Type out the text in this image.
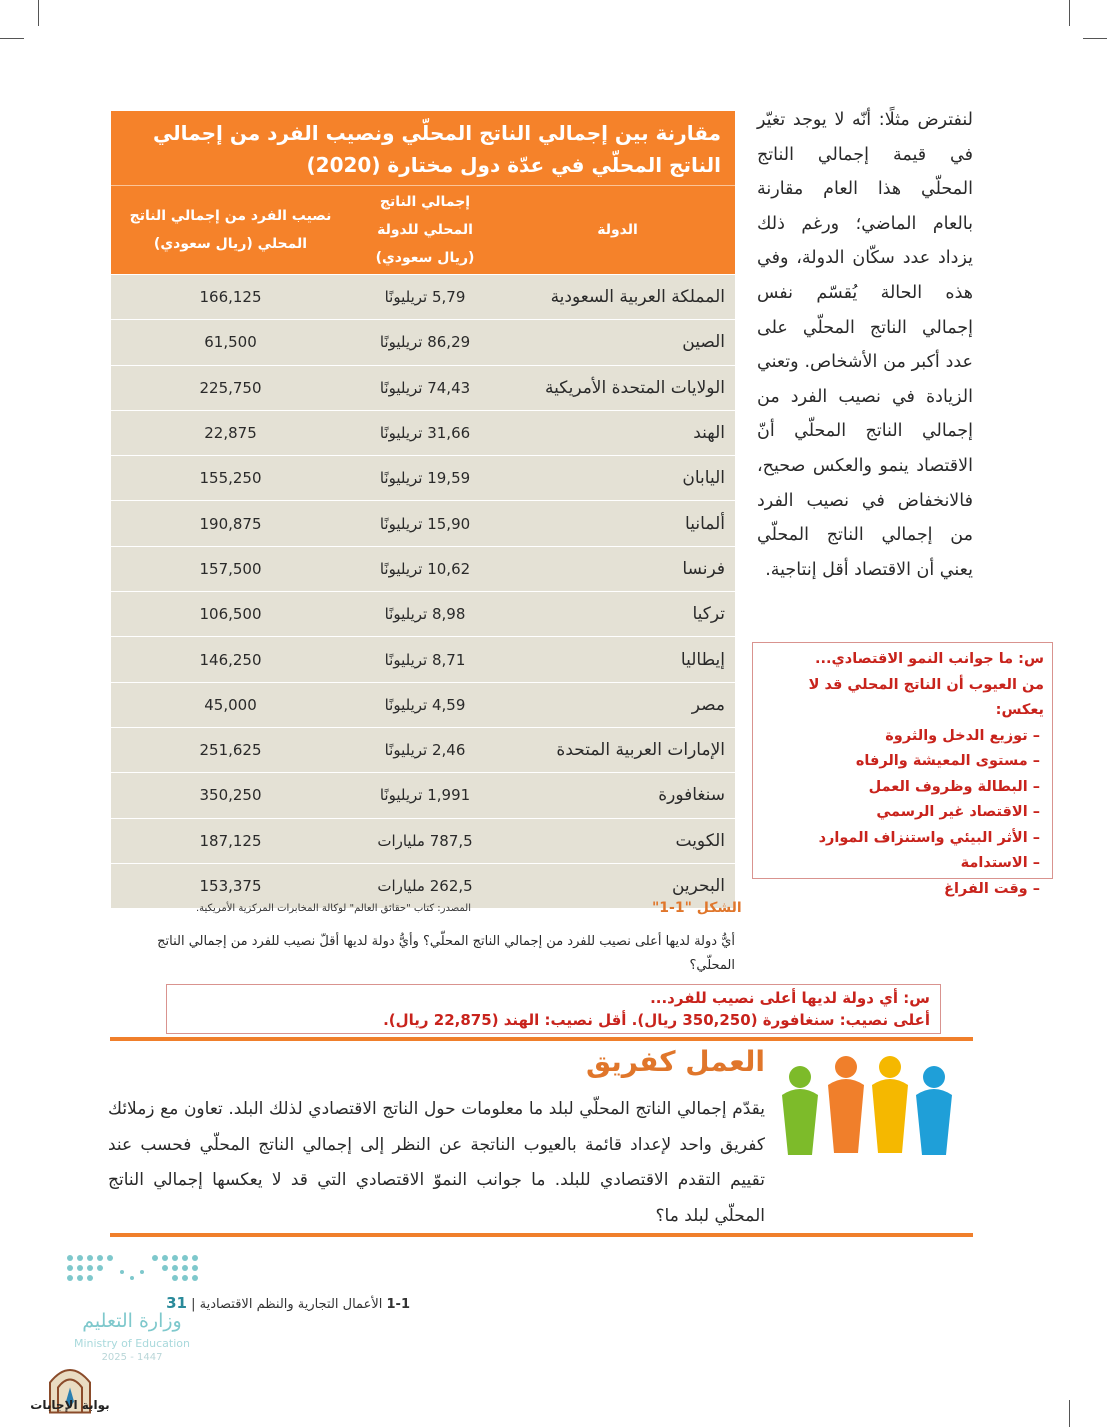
مقارنة بين إجمالي الناتج المحلّي ونصيب الفرد من إجمالي الناتج المحلّي في عدّة دول مختارة (2020)
الدولة
إجمالي الناتج المحلي للدولة (ريال سعودي)
نصيب الفرد من إجمالي الناتج المحلي (ريال سعودي)
المملكة العربية السعودية
5,79 تريليونًا
166,125
الصين
86,29 تريليونًا
61,500
الولايات المتحدة الأمريكية
74,43 تريليونًا
225,750
الهند
31,66 تريليونًا
22,875
اليابان
19,59 تريليونًا
155,250
ألمانيا
15,90 تريليونًا
190,875
فرنسا
10,62 تريليونًا
157,500
تركيا
8,98 تريليونًا
106,500
إيطاليا
8,71 تريليونًا
146,250
مصر
4,59 تريليونًا
45,000
الإمارات العربية المتحدة
2,46 تريليونًا
251,625
سنغافورة
1,991 تريليونًا
350,250
الكويت
787,5 مليارات
187,125
البحرين
262,5 مليارات
153,375
الشكل "1-1"
المصدر: كتاب "حقائق العالم" لوكالة المخابرات المركزية الأمريكية.
أيُّ دولة لديها أعلى نصيب للفرد من إجمالي الناتج المحلّي؟ وأيُّ دولة لديها أقلّ نصيب للفرد من إجمالي الناتج المحلّي؟
س: أي دولة لديها أعلى نصيب للفرد...
أعلى نصيب: سنغافورة (350,250 ريال). أقل نصيب: الهند (22,875 ريال).
لنفترض مثلًا: أنّه لا يوجد تغيّر في قيمة إجمالي الناتج المحلّي هذا العام مقارنة بالعام الماضي؛ ورغم ذلك يزداد عدد سكّان الدولة، وفي هذه الحالة يُقسّم نفس إجمالي الناتج المحلّي على عدد أكبر من الأشخاص. وتعني الزيادة في نصيب الفرد من إجمالي الناتج المحلّي أنّ الاقتصاد ينمو والعكس صحيح، فالانخفاض في نصيب الفرد من إجمالي الناتج المحلّي يعني أن الاقتصاد أقل إنتاجية.
س: ما جوانب النمو الاقتصادي...
من العيوب أن الناتج المحلي قد لا يعكس:
– توزيع الدخل والثروة
– مستوى المعيشة والرفاه
– البطالة وظروف العمل
– الاقتصاد غير الرسمي
– الأثر البيئي واستنزاف الموارد
– الاستدامة
– وقت الفراغ
العمل كفريق
يقدّم إجمالي الناتج المحلّي لبلد ما معلومات حول الناتج الاقتصادي لذلك البلد. تعاون مع زملائك كفريق واحد لإعداد قائمة بالعيوب الناتجة عن النظر إلى إجمالي الناتج المحلّي فحسب عند تقييم التقدم الاقتصادي للبلد. ما جوانب النموّ الاقتصادي التي قد لا يعكسها إجمالي الناتج المحلّي لبلد ما؟
وزارة التعليم
Ministry of Education
2025 - 1447
1-1 الأعمال التجارية والنظم الاقتصادية | 31
بوابة الإجابات
